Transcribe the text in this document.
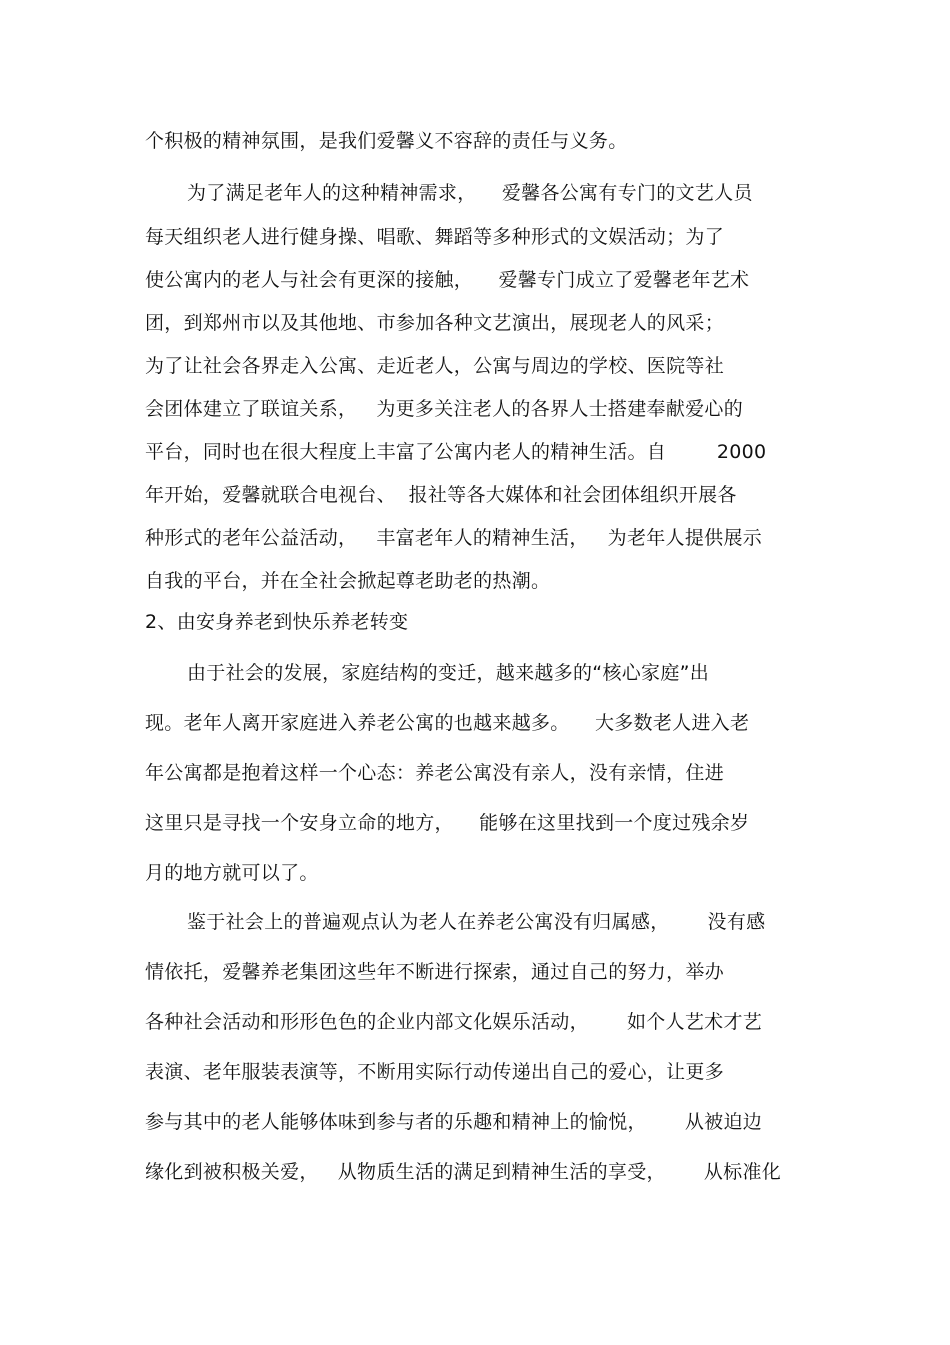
个积极的精神氛围，是我们爱馨义不容辞的责任与义务。
为了满足老年人的这种精神需求，    爱馨各公寓有专门的文艺人员
每天组织老人进行健身操、唱歌、舞蹈等多种形式的文娱活动；为了
使公寓内的老人与社会有更深的接触，    爱馨专门成立了爱馨老年艺术
团，到郑州市以及其他地、市参加各种文艺演出，展现老人的风采；
为了让社会各界走入公寓、走近老人，公寓与周边的学校、医院等社
会团体建立了联谊关系，   为更多关注老人的各界人士搭建奉献爱心的
平台，同时也在很大程度上丰富了公寓内老人的精神生活。自        2000
年开始，爱馨就联合电视台、  报社等各大媒体和社会团体组织开展各
种形式的老年公益活动，   丰富老年人的精神生活，   为老年人提供展示
自我的平台，并在全社会掀起尊老助老的热潮。
2、由安身养老到快乐养老转变
由于社会的发展，家庭结构的变迁，越来越多的“核心家庭”出
现。老年人离开家庭进入养老公寓的也越来越多。    大多数老人进入老
年公寓都是抱着这样一个心态：养老公寓没有亲人，没有亲情，住进
这里只是寻找一个安身立命的地方，    能够在这里找到一个度过残余岁
月的地方就可以了。
鉴于社会上的普遍观点认为老人在养老公寓没有归属感，      没有感
情依托，爱馨养老集团这些年不断进行探索，通过自己的努力，举办
各种社会活动和形形色色的企业内部文化娱乐活动，      如个人艺术才艺
表演、老年服装表演等，不断用实际行动传递出自己的爱心，让更多
参与其中的老人能够体味到参与者的乐趣和精神上的愉悦，      从被迫边
缘化到被积极关爱，   从物质生活的满足到精神生活的享受，      从标准化
